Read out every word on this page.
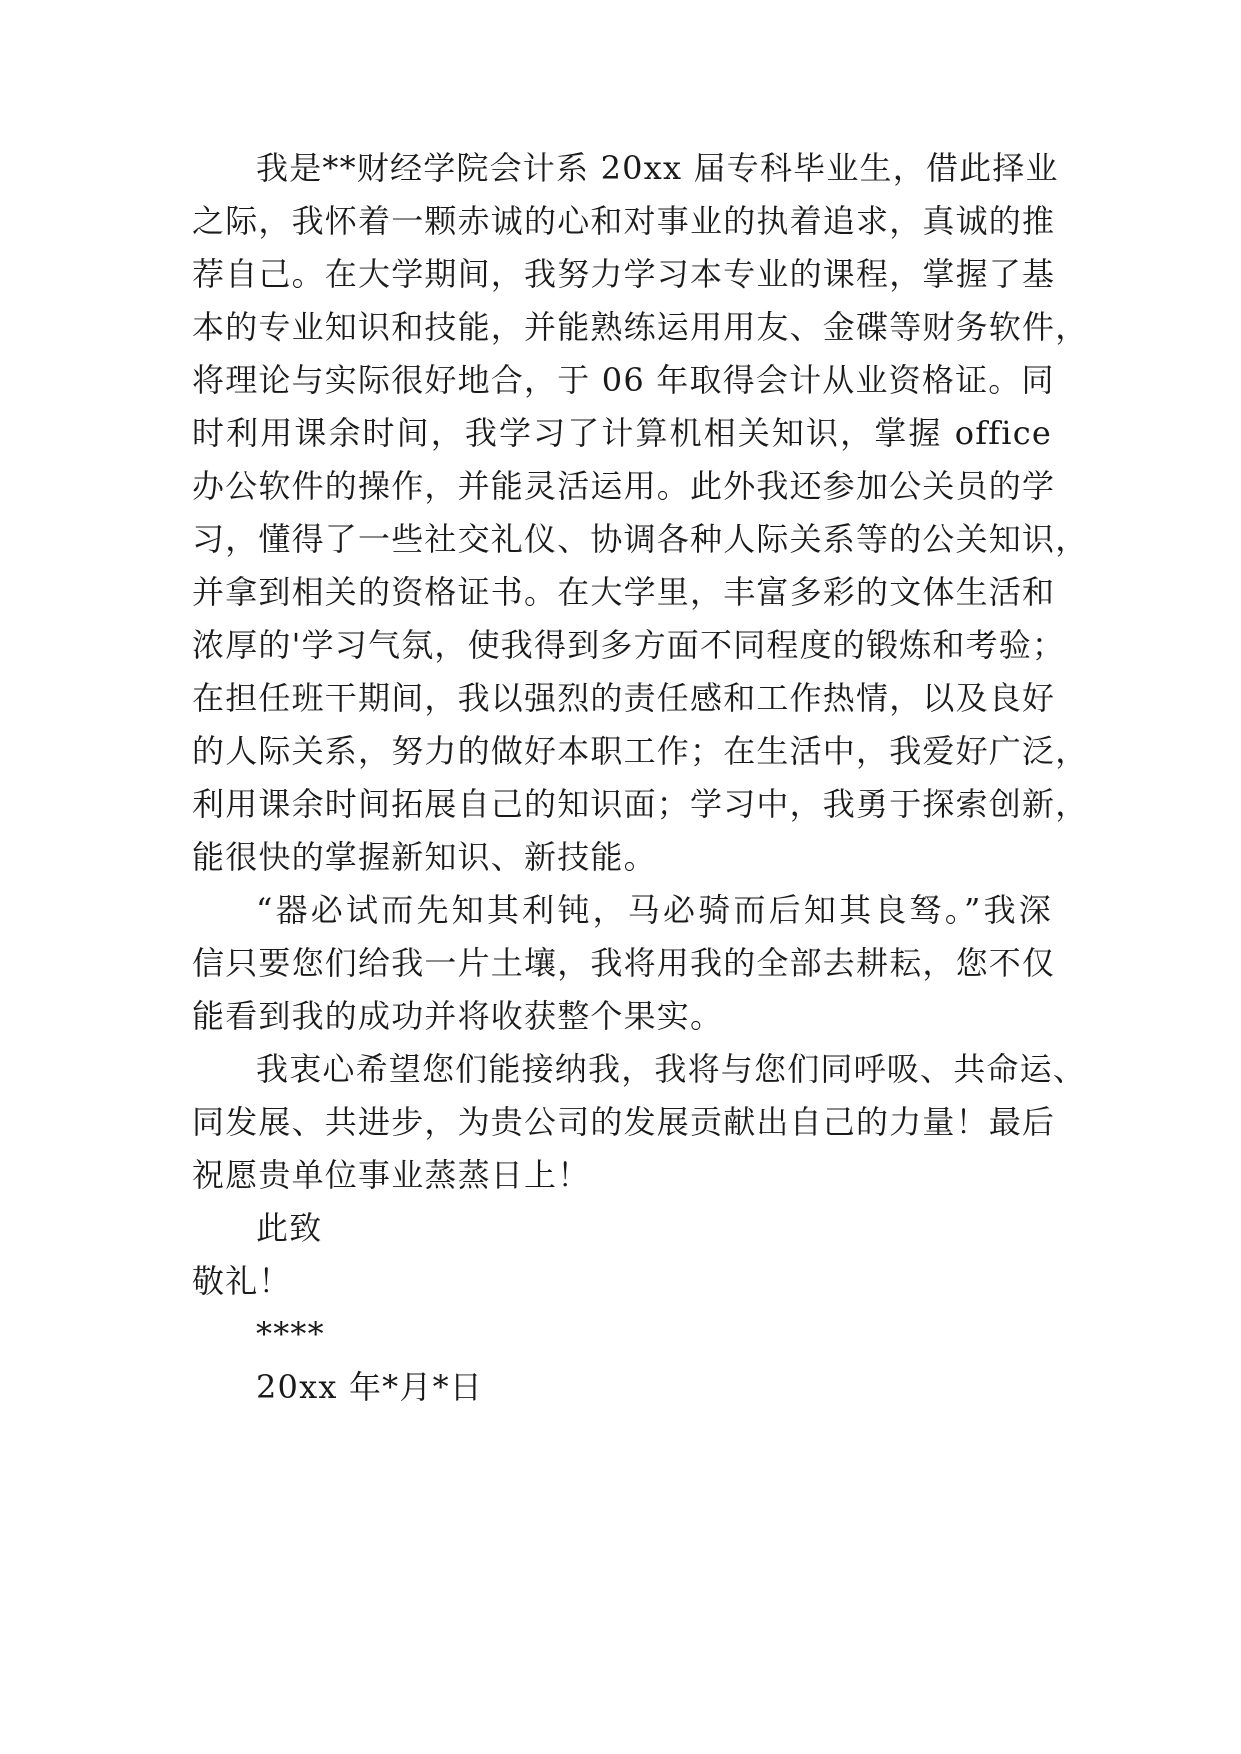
我是**财经学院会计系 20xx 届专科毕业生，借此择业
之际，我怀着一颗赤诚的心和对事业的执着追求，真诚的推
荐自己。在大学期间，我努力学习本专业的课程，掌握了基
本的专业知识和技能，并能熟练运用用友、金碟等财务软件，
将理论与实际很好地合，于 06 年取得会计从业资格证。同
时利用课余时间，我学习了计算机相关知识，掌握 office
办公软件的操作，并能灵活运用。此外我还参加公关员的学
习，懂得了一些社交礼仪、协调各种人际关系等的公关知识，
并拿到相关的资格证书。在大学里，丰富多彩的文体生活和
浓厚的'学习气氛，使我得到多方面不同程度的锻炼和考验；
在担任班干期间，我以强烈的责任感和工作热情，以及良好
的人际关系，努力的做好本职工作；在生活中，我爱好广泛，
利用课余时间拓展自己的知识面；学习中，我勇于探索创新，
能很快的掌握新知识、新技能。
“器必试而先知其利钝，马必骑而后知其良驽。”我深
信只要您们给我一片土壤，我将用我的全部去耕耘，您不仅
能看到我的成功并将收获整个果实。
我衷心希望您们能接纳我，我将与您们同呼吸、共命运、
同发展、共进步，为贵公司的发展贡献出自己的力量！最后
祝愿贵单位事业蒸蒸日上！
此致
敬礼！
****
20xx 年*月*日
